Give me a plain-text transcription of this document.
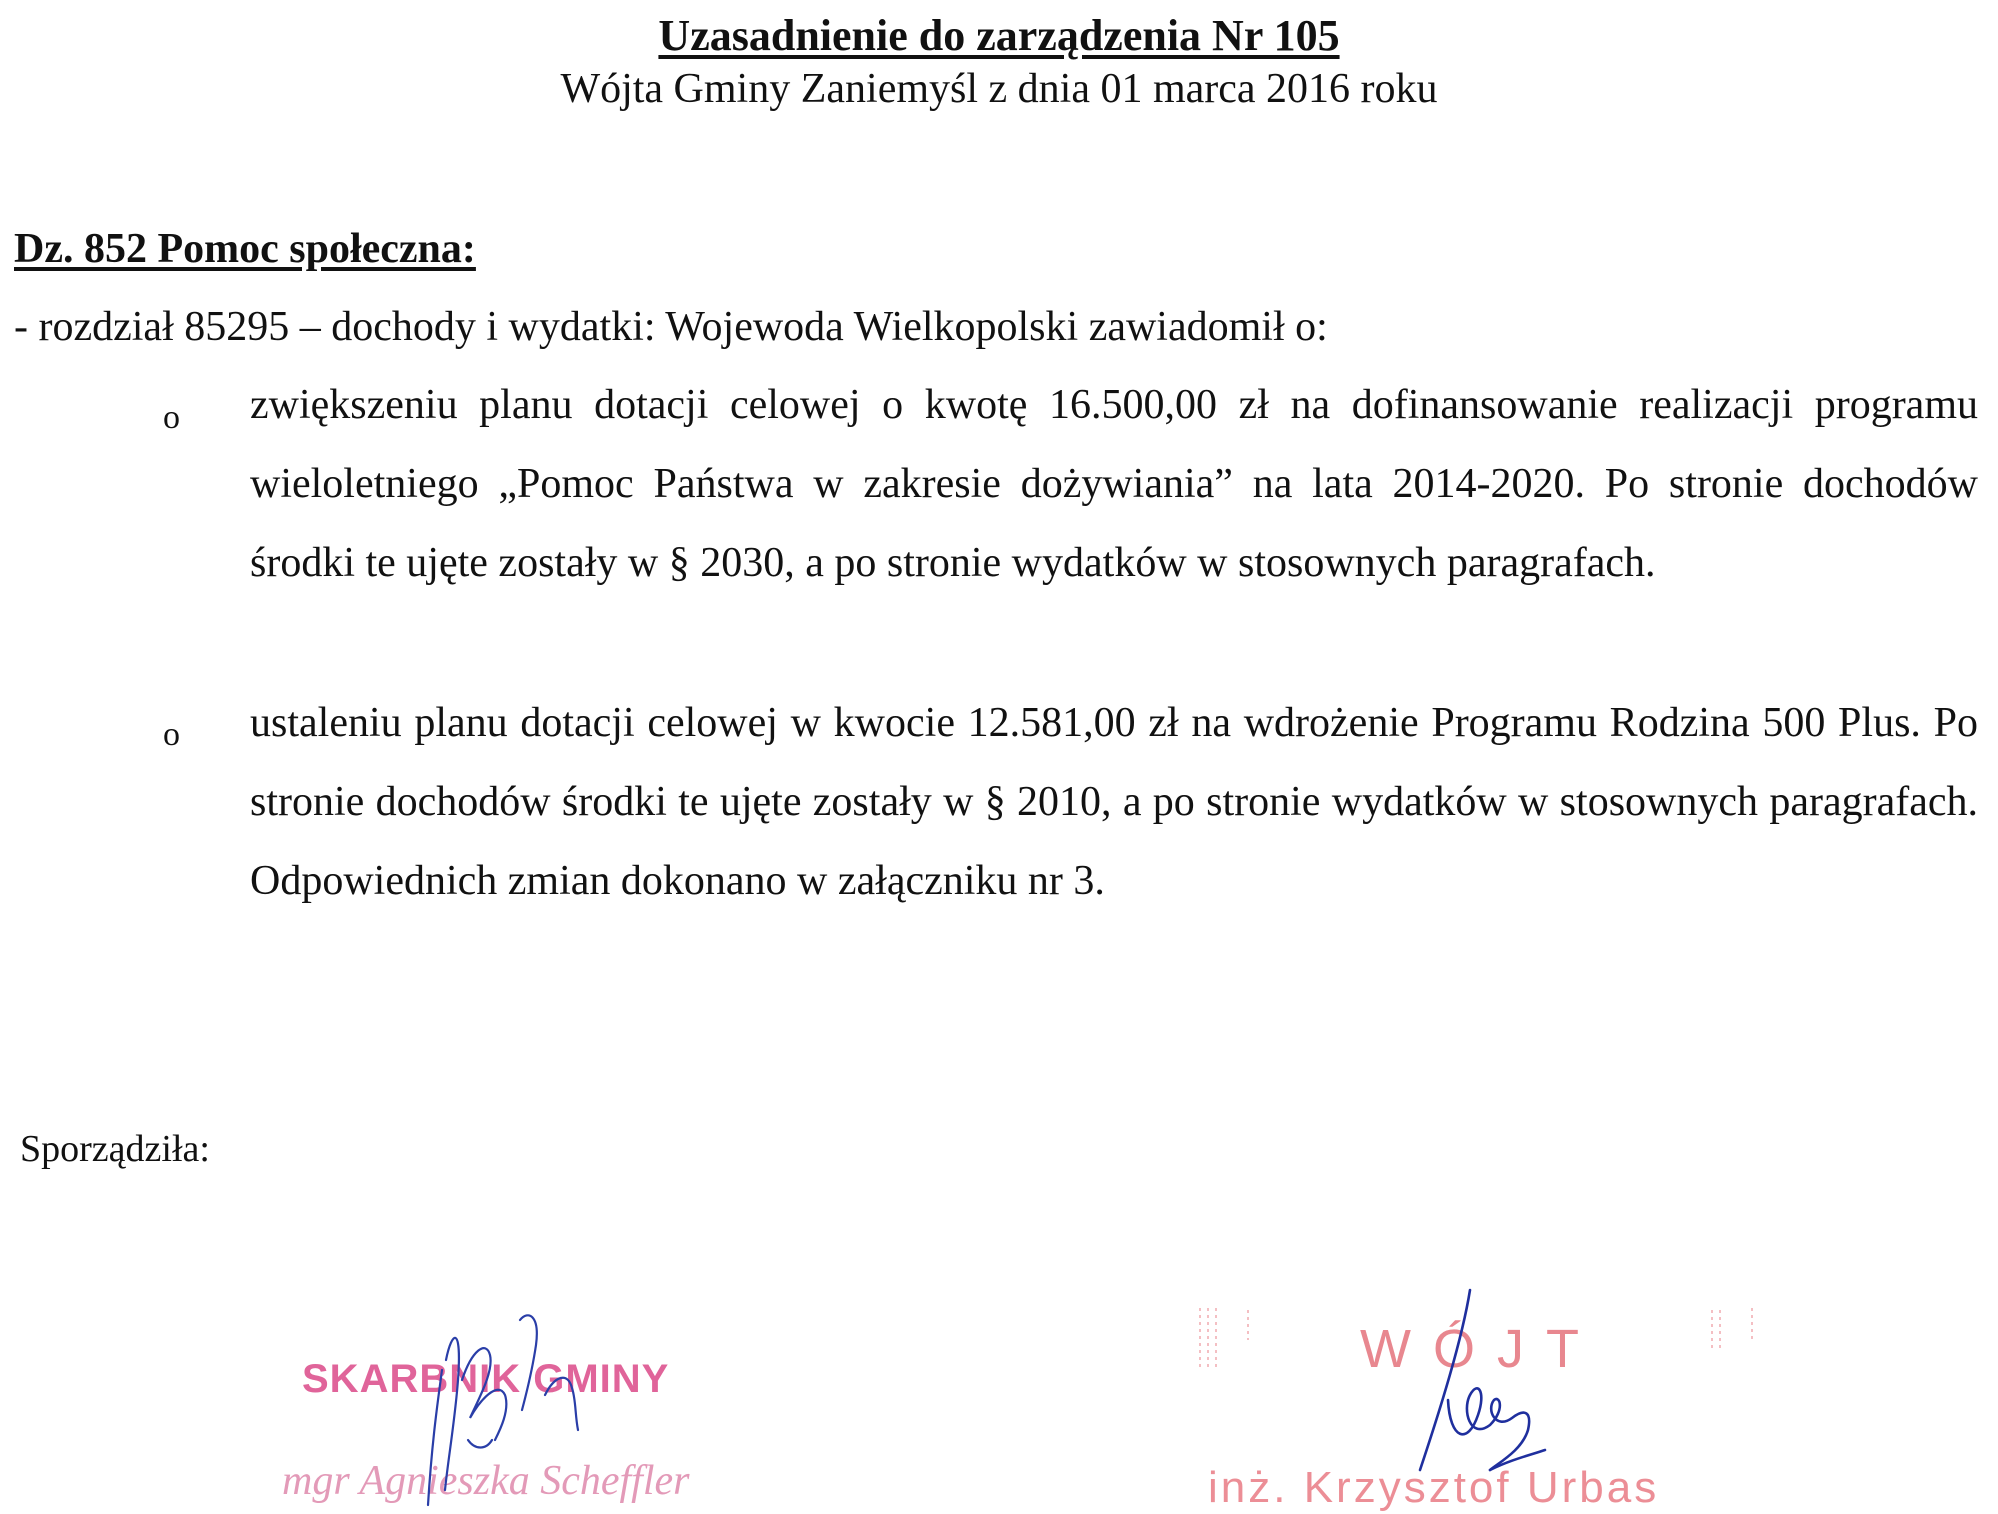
Uzasadnienie do zarządzenia Nr 105
Wójta Gminy Zaniemyśl z dnia 01 marca 2016 roku
Dz. 852 Pomoc społeczna:
- rozdział 85295 – dochody i wydatki: Wojewoda Wielkopolski zawiadomił o:
o zwiększeniu planu dotacji celowej o kwotę 16.500,00 zł na dofinansowanie realizacji programu wieloletniego „Pomoc Państwa w zakresie dożywiania” na lata 2014-2020. Po stronie dochodów środki te ujęte zostały w § 2030, a po stronie wydatków w stosownych paragrafach.
o ustaleniu planu dotacji celowej w kwocie 12.581,00 zł na wdrożenie Programu Rodzina 500 Plus. Po stronie dochodów środki te ujęte zostały w § 2010, a po stronie wydatków w stosownych paragrafach. Odpowiednich zmian dokonano w załączniku nr 3.
Sporządziła:
SKARBNIK GMINY
mgr Agnieszka Scheffler
WÓJT
inż. Krzysztof Urbas
